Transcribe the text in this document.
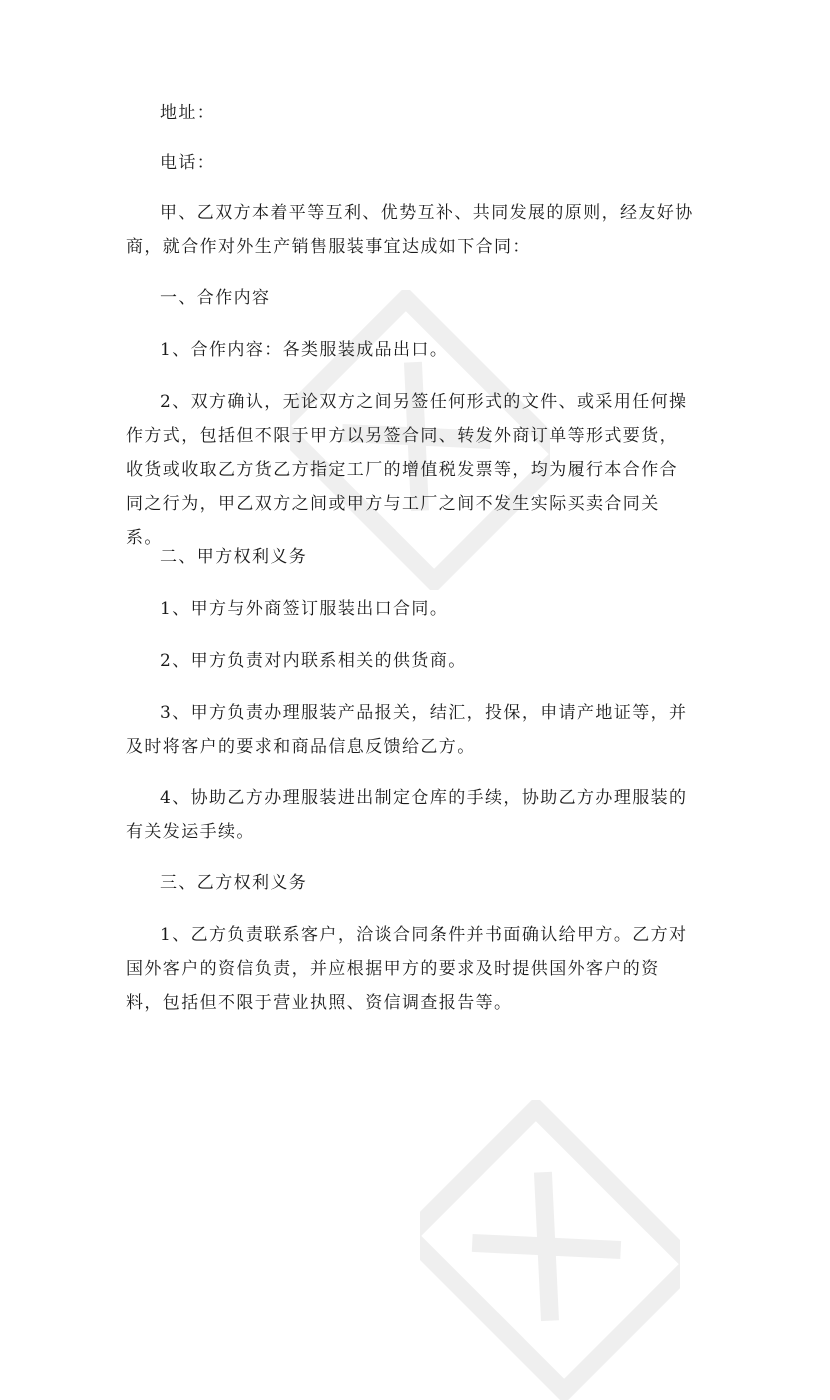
地址：

电话：

甲、乙双方本着平等互利、优势互补、共同发展的原则，经友好协商，就合作对外生产销售服装事宜达成如下合同：

一、合作内容

1、合作内容：各类服装成品出口。

2、双方确认，无论双方之间另签任何形式的文件、或采用任何操作方式，包括但不限于甲方以另签合同、转发外商订单等形式要货，收货或收取乙方货乙方指定工厂的增值税发票等，均为履行本合作合同之行为，甲乙双方之间或甲方与工厂之间不发生实际买卖合同关系。

二、甲方权利义务

1、甲方与外商签订服装出口合同。

2、甲方负责对内联系相关的供货商。

3、甲方负责办理服装产品报关，结汇，投保，申请产地证等，并及时将客户的要求和商品信息反馈给乙方。

4、协助乙方办理服装进出制定仓库的手续，协助乙方办理服装的有关发运手续。

三、乙方权利义务

1、乙方负责联系客户，洽谈合同条件并书面确认给甲方。乙方对国外客户的资信负责，并应根据甲方的要求及时提供国外客户的资料，包括但不限于营业执照、资信调查报告等。
